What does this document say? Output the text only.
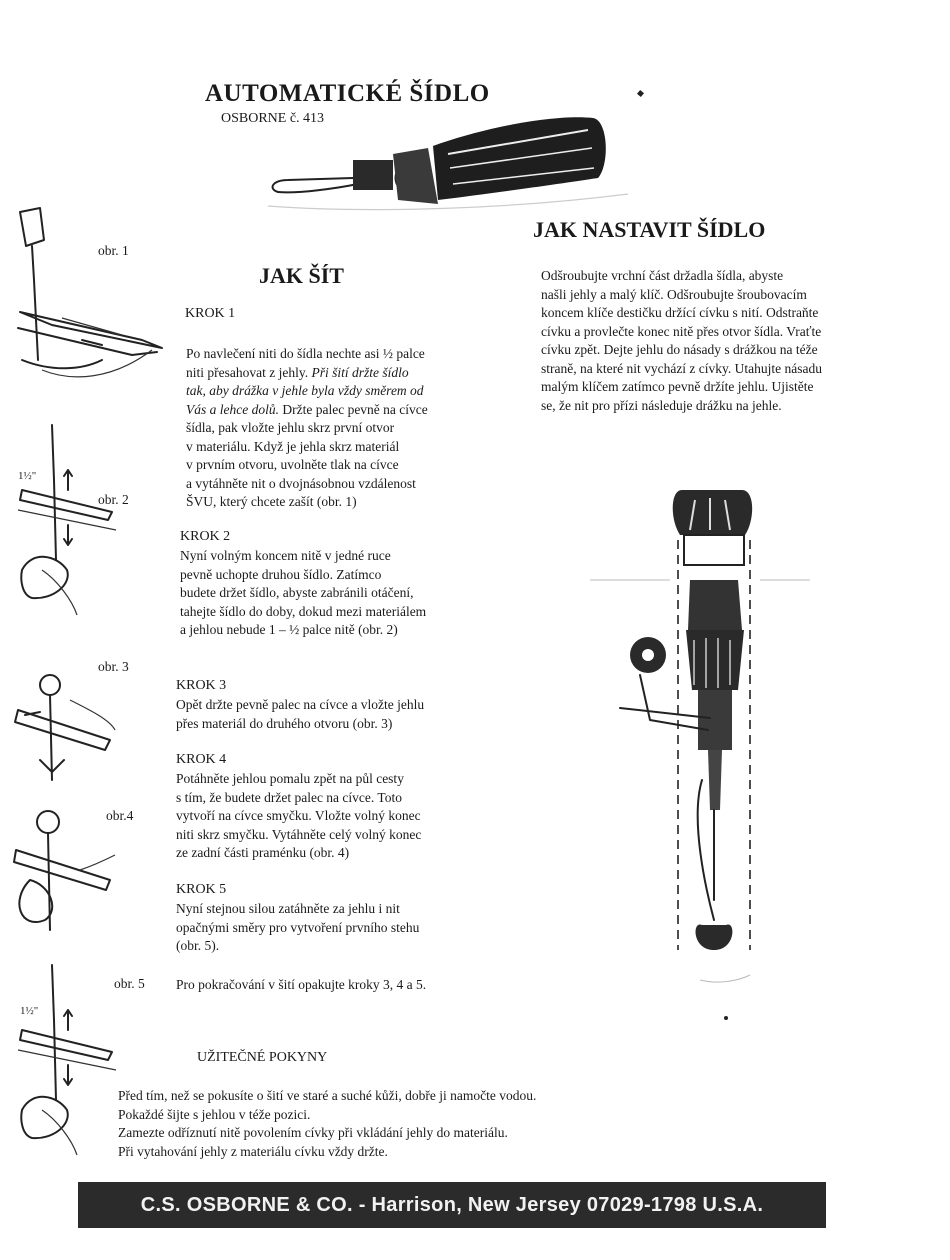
AUTOMATICKÉ ŠÍDLO
OSBORNE č. 413
JAK ŠÍT
KROK 1
Po navlečení niti do šídla nechte asi ½ palce
niti přesahovat z jehly. Při šití držte šídlo
tak, aby drážka v jehle byla vždy směrem od
Vás a lehce dolů. Držte palec pevně na cívce
šídla, pak vložte jehlu skrz první otvor
v materiálu. Když je jehla skrz materiál
v prvním otvoru, uvolněte tlak na cívce
a vytáhněte nit o dvojnásobnou vzdálenost
ŠVU, který chcete zašít (obr. 1)
KROK 2
Nyní volným koncem nitě v jedné ruce
pevně uchopte druhou šídlo. Zatímco
budete držet šídlo, abyste zabránili otáčení,
tahejte šídlo do doby, dokud mezi materiálem
a jehlou nebude 1 – ½ palce nitě (obr. 2)
KROK 3
Opět držte pevně palec na cívce a vložte jehlu
přes materiál do druhého otvoru (obr. 3)
KROK 4
Potáhněte jehlou pomalu zpět na půl cesty
s tím, že budete držet palec na cívce. Toto
vytvoří na cívce smyčku. Vložte volný konec
niti skrz smyčku. Vytáhněte celý volný konec
ze zadní části praménku (obr. 4)
KROK 5
Nyní stejnou silou zatáhněte za jehlu i nit
opačnými směry pro vytvoření prvního stehu
(obr. 5).
Pro pokračování v šití opakujte kroky 3, 4 a 5.
obr. 1
obr. 2
obr. 3
obr.4
obr. 5
1½"
1½"
JAK NASTAVIT ŠÍDLO
Odšroubujte vrchní část držadla šídla, abyste
našli jehly a malý klíč. Odšroubujte šroubovacím
koncem klíče destičku držící cívku s nití. Odstraňte
cívku a provlečte konec nitě přes otvor šídla. Vraťte
cívku zpět. Dejte jehlu do násady s drážkou na téže
straně, na které nit vychází z cívky. Utahujte násadu
malým klíčem zatímco pevně držíte jehlu. Ujistěte
se, že nit pro přízi následuje drážku na jehle.
UŽITEČNÉ POKYNY
Před tím, než se pokusíte o šití ve staré a suché kůži, dobře ji namočte vodou.
Pokaždé šijte s jehlou v téže pozici.
Zamezte odříznutí nitě povolením cívky při vkládání jehly do materiálu.
Při vytahování jehly z materiálu cívku vždy držte.
C.S. OSBORNE & CO. - Harrison, New Jersey 07029-1798 U.S.A.
